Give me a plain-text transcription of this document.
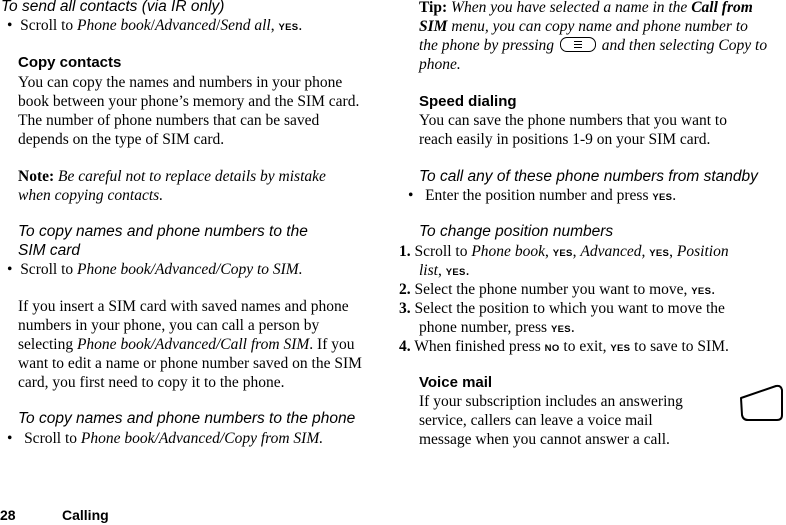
To send all contacts (via IR only)
•  Scroll to Phone book/Advanced/Send all, YES.
Copy contacts
You can copy the names and numbers in your phone
book between your phone’s memory and the SIM card.
The number of phone numbers that can be saved
depends on the type of SIM card.
Note: Be careful not to replace details by mistake
when copying contacts.
To copy names and phone numbers to the
SIM card
•  Scroll to Phone book/Advanced/Copy to SIM.
If you insert a SIM card with saved names and phone
numbers in your phone, you can call a person by
selecting Phone book/Advanced/Call from SIM. If you
want to edit a name or phone number saved on the SIM
card, you first need to copy it to the phone.
To copy names and phone numbers to the phone
•   Scroll to Phone book/Advanced/Copy from SIM.
Tip: When you have selected a name in the Call from
SIM menu, you can copy name and phone number to
the phone by pressing	and then selecting Copy to
phone.
Speed dialing
You can save the phone numbers that you want to
reach easily in positions 1-9 on your SIM card.
To call any of these phone numbers from standby
•   Enter the position number and press YES.
To change position numbers
1. Scroll to Phone book, YES, Advanced, YES, Position
list, YES.
2. Select the phone number you want to move, YES.
3. Select the position to which you want to move the
phone number, press YES.
4. When finished press NO to exit, YES to save to SIM.
Voice mail
If your subscription includes an answering
service, callers can leave a voice mail
message when you cannot answer a call.
28	Calling
